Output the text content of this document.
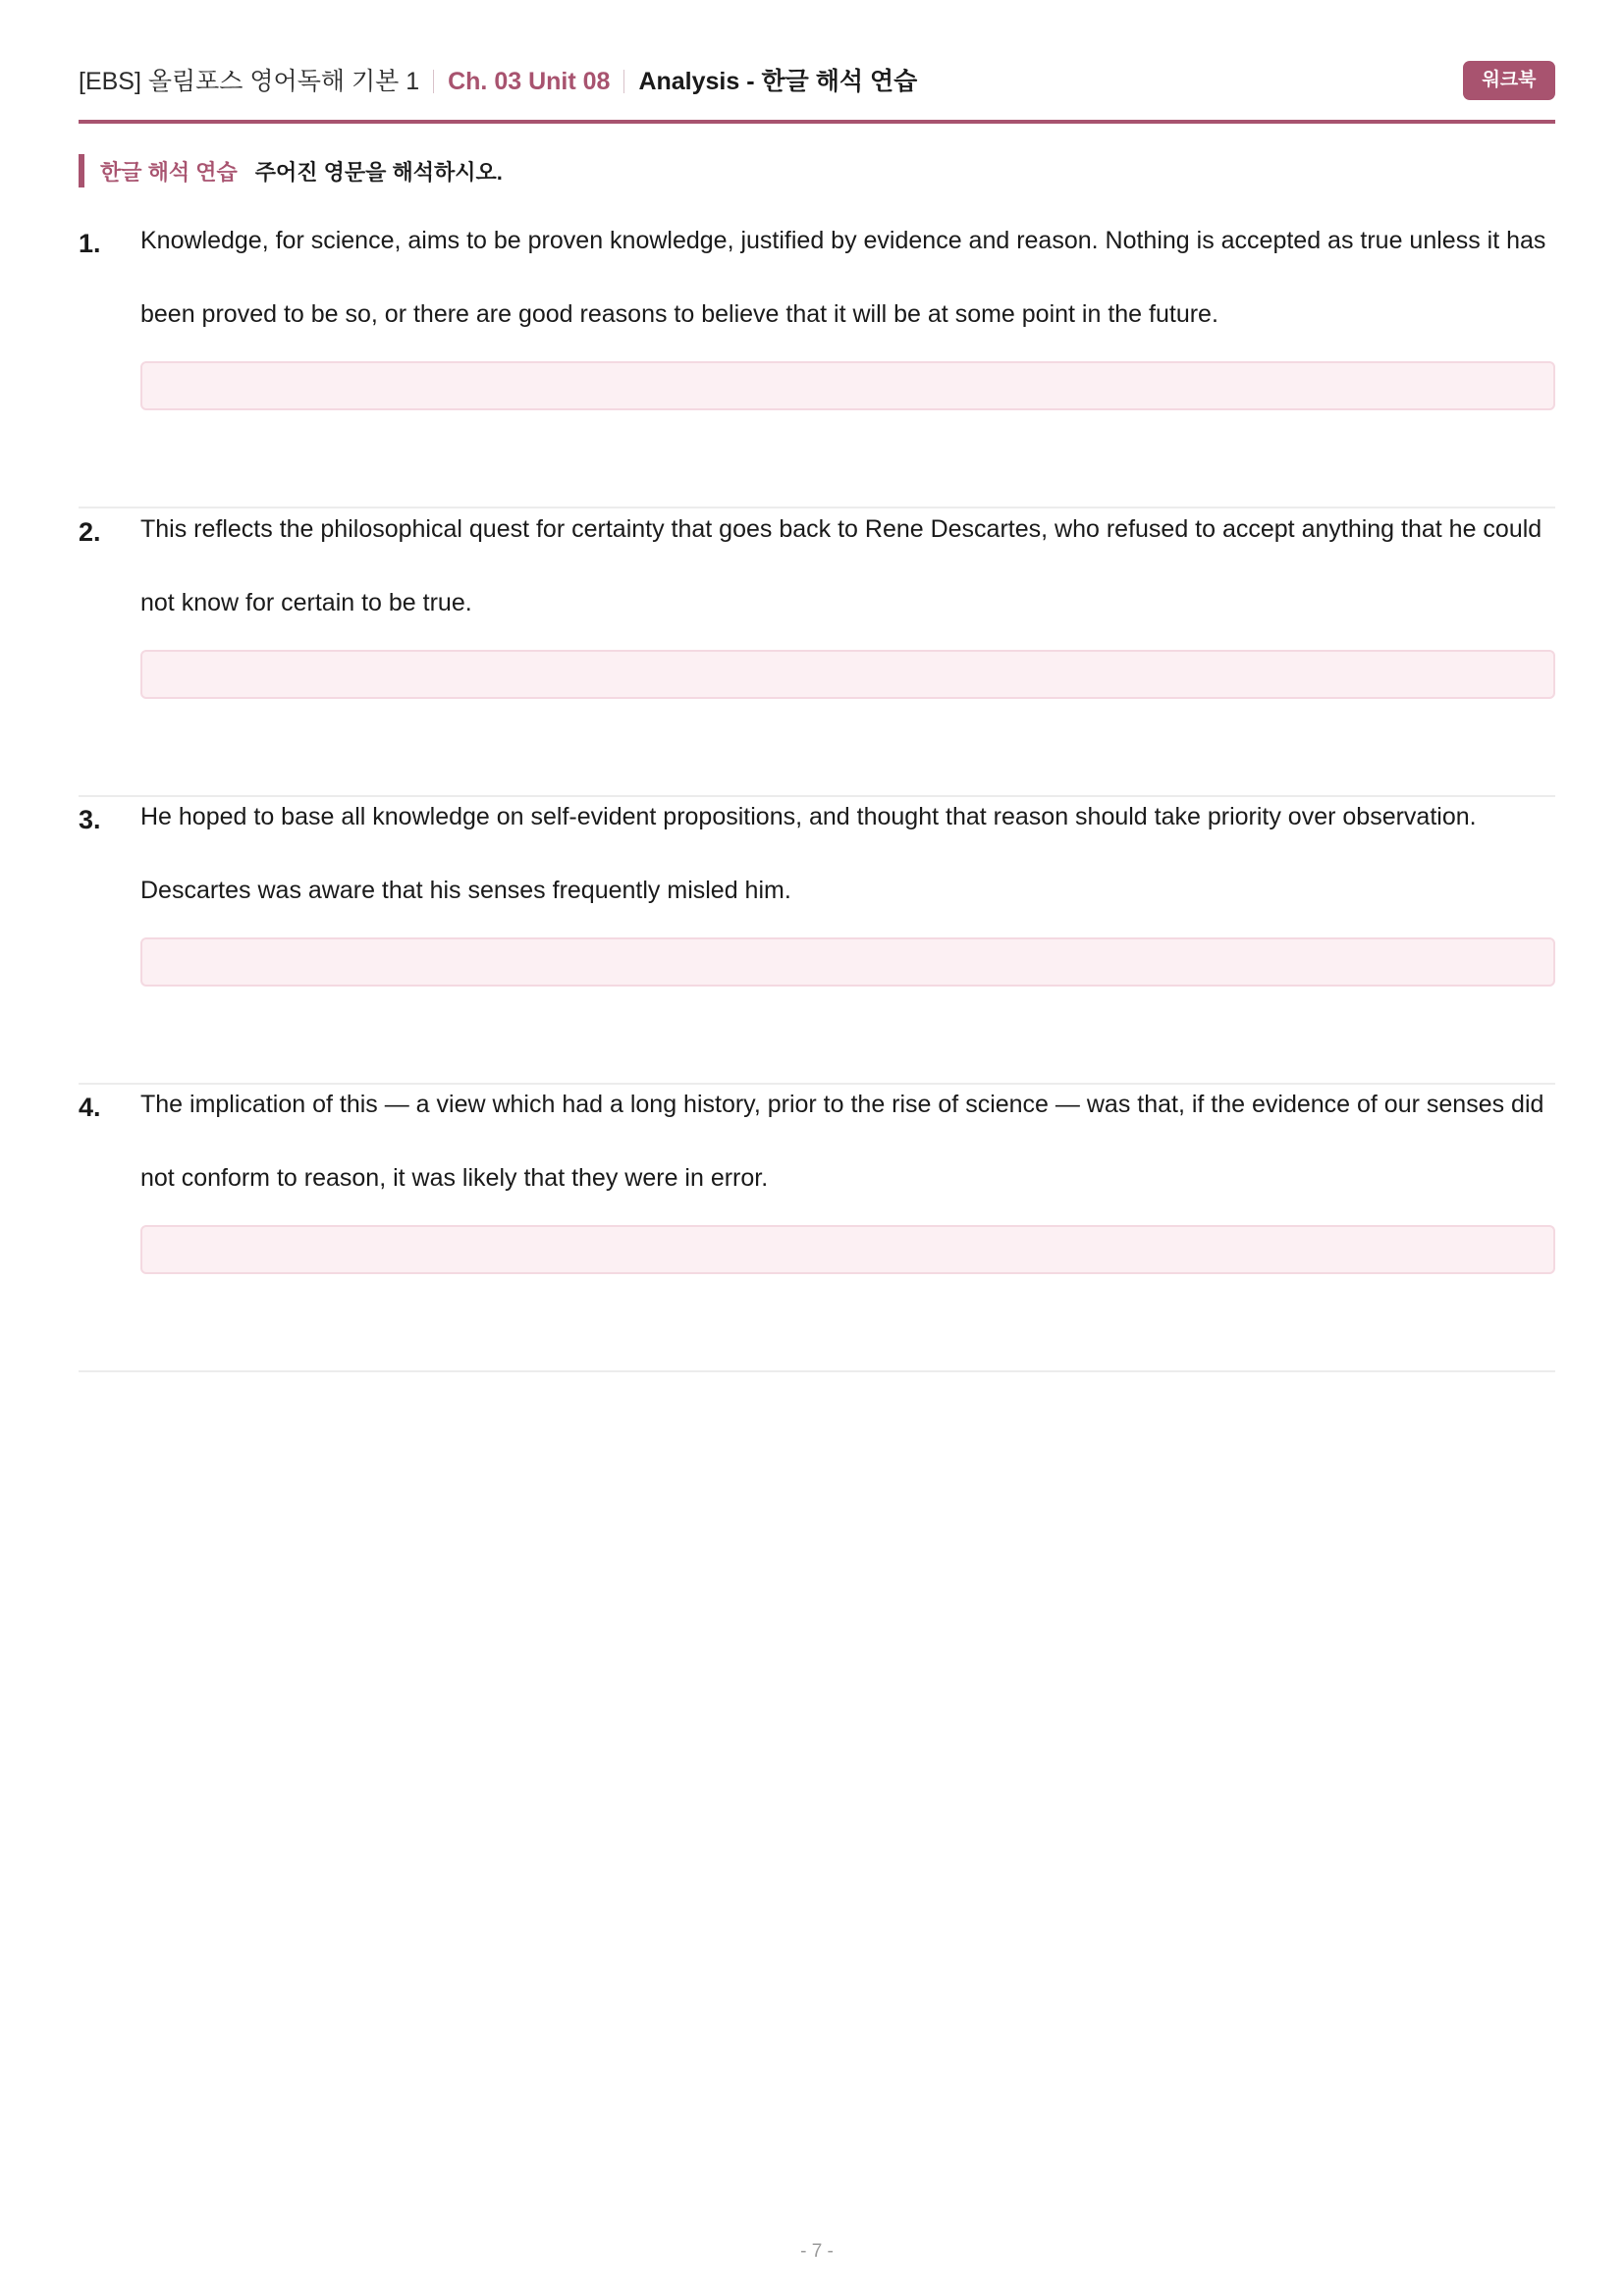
[EBS] 올림포스 영어독해 기본 1 Ch. 03 Unit 08 Analysis - 한글 해석 연습	워크북
한글 해석 연습 주어진 영문을 해석하시오.
1. Knowledge, for science, aims to be proven knowledge, justified by evidence and reason. Nothing is accepted as true unless it has been proved to be so, or there are good reasons to believe that it will be at some point in the future.
2. This reflects the philosophical quest for certainty that goes back to Rene Descartes, who refused to accept anything that he could not know for certain to be true.
3. He hoped to base all knowledge on self-evident propositions, and thought that reason should take priority over observation. Descartes was aware that his senses frequently misled him.
4. The implication of this — a view which had a long history, prior to the rise of science — was that, if the evidence of our senses did not conform to reason, it was likely that they were in error.
- 7 -
